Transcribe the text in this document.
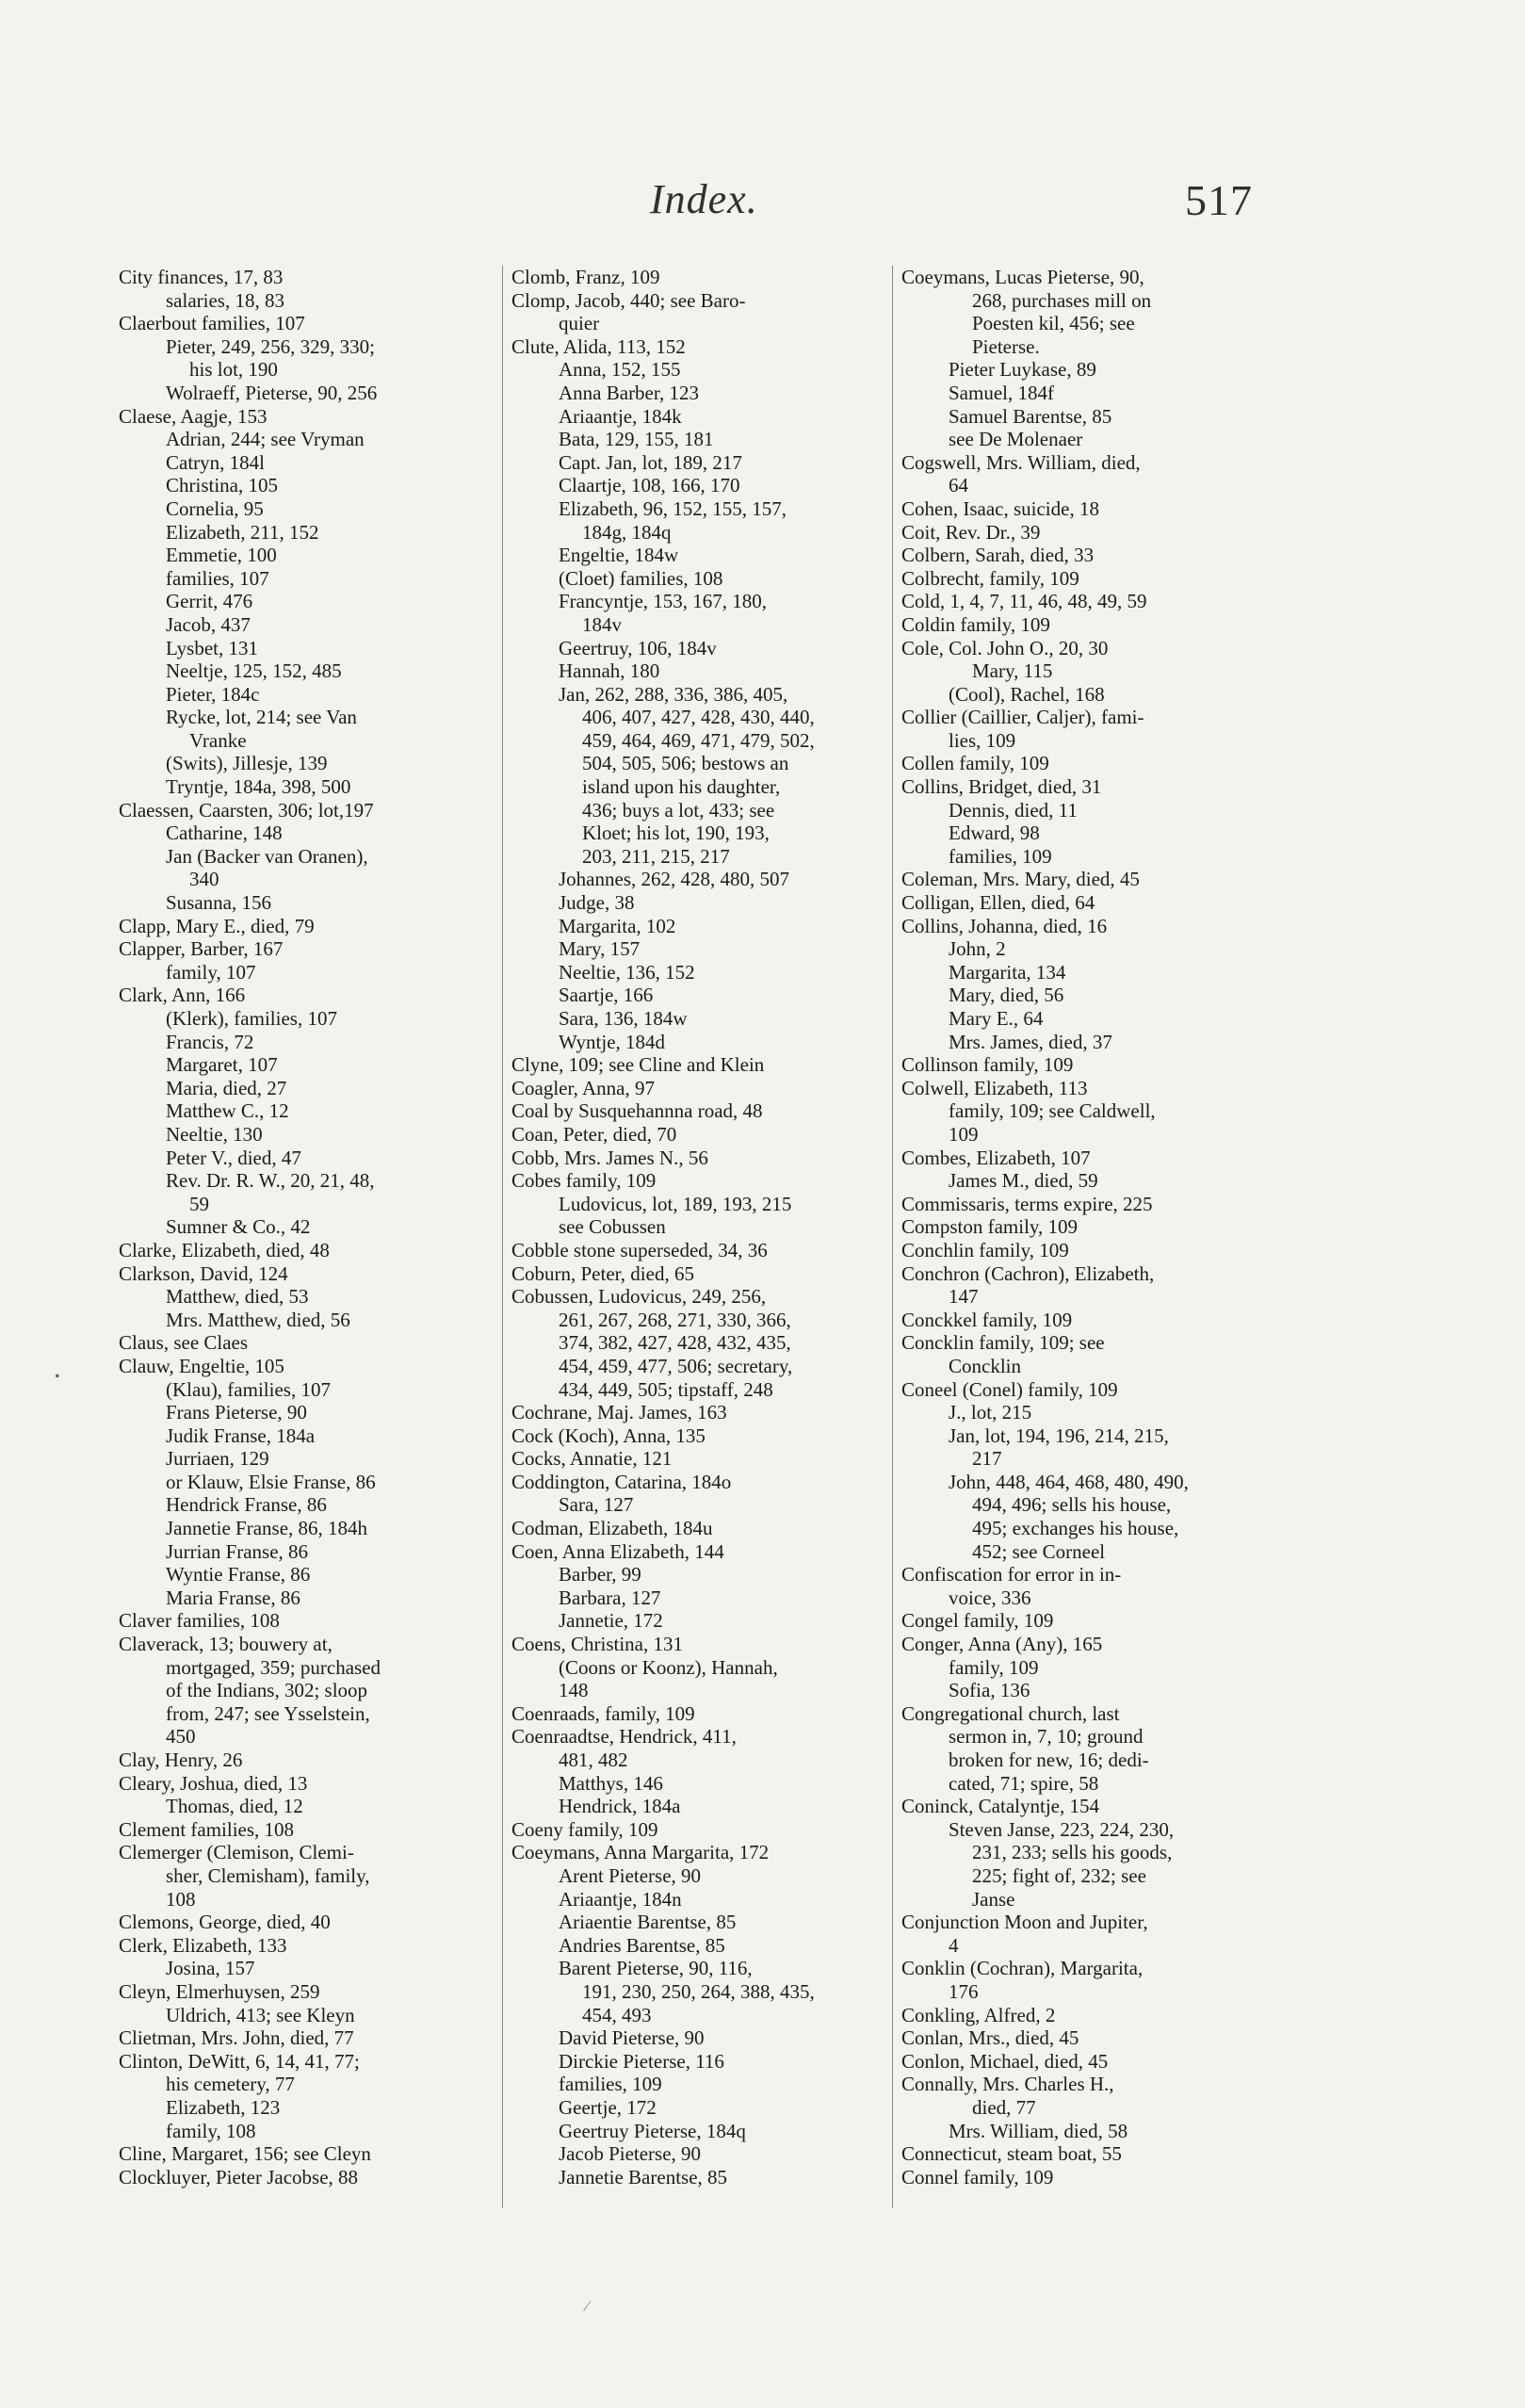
Index.	517
City finances, 17, 83
salaries, 18, 83
Claerbout families, 107
Pieter, 249, 256, 329, 330;
his lot, 190
Wolraeff, Pieterse, 90, 256
Claese, Aagje, 153
Adrian, 244; see Vryman
Catryn, 184l
Christina, 105
Cornelia, 95
Elizabeth, 211, 152
Emmetie, 100
families, 107
Gerrit, 476
Jacob, 437
Lysbet, 131
Neeltje, 125, 152, 485
Pieter, 184c
Rycke, lot, 214; see Van
Vranke
(Swits), Jillesje, 139
Tryntje, 184a, 398, 500
Claessen, Caarsten, 306; lot,197
Catharine, 148
Jan (Backer van Oranen),
340
Susanna, 156
Clapp, Mary E., died, 79
Clapper, Barber, 167
family, 107
Clark, Ann, 166
(Klerk), families, 107
Francis, 72
Margaret, 107
Maria, died, 27
Matthew C., 12
Neeltie, 130
Peter V., died, 47
Rev. Dr. R. W., 20, 21, 48,
59
Sumner & Co., 42
Clarke, Elizabeth, died, 48
Clarkson, David, 124
Matthew, died, 53
Mrs. Matthew, died, 56
Claus, see Claes
Clauw, Engeltie, 105
(Klau), families, 107
Frans Pieterse, 90
Judik Franse, 184a
Jurriaen, 129
or Klauw, Elsie Franse, 86
Hendrick Franse, 86
Jannetie Franse, 86, 184h
Jurrian Franse, 86
Wyntie Franse, 86
Maria Franse, 86
Claver families, 108
Claverack, 13; bouwery at,
mortgaged, 359; purchased
of the Indians, 302; sloop
from, 247; see Ysselstein,
450
Clay, Henry, 26
Cleary, Joshua, died, 13
Thomas, died, 12
Clement families, 108
Clemerger (Clemison, Clemi-
sher, Clemisham), family,
108
Clemons, George, died, 40
Clerk, Elizabeth, 133
Josina, 157
Cleyn, Elmerhuysen, 259
Uldrich, 413; see Kleyn
Clietman, Mrs. John, died, 77
Clinton, DeWitt, 6, 14, 41, 77;
his cemetery, 77
Elizabeth, 123
family, 108
Cline, Margaret, 156; see Cleyn
Clockluyer, Pieter Jacobse, 88
Clomb, Franz, 109
Clomp, Jacob, 440; see Baro-
quier
Clute, Alida, 113, 152
Anna, 152, 155
Anna Barber, 123
Ariaantje, 184k
Bata, 129, 155, 181
Capt. Jan, lot, 189, 217
Claartje, 108, 166, 170
Elizabeth, 96, 152, 155, 157,
184g, 184q
Engeltie, 184w
(Cloet) families, 108
Francyntje, 153, 167, 180,
184v
Geertruy, 106, 184v
Hannah, 180
Jan, 262, 288, 336, 386, 405,
406, 407, 427, 428, 430, 440,
459, 464, 469, 471, 479, 502,
504, 505, 506; bestows an
island upon his daughter,
436; buys a lot, 433; see
Kloet; his lot, 190, 193,
203, 211, 215, 217
Johannes, 262, 428, 480, 507
Judge, 38
Margarita, 102
Mary, 157
Neeltie, 136, 152
Saartje, 166
Sara, 136, 184w
Wyntje, 184d
Clyne, 109; see Cline and Klein
Coagler, Anna, 97
Coal by Susquehannna road, 48
Coan, Peter, died, 70
Cobb, Mrs. James N., 56
Cobes family, 109
Ludovicus, lot, 189, 193, 215
see Cobussen
Cobble stone superseded, 34, 36
Coburn, Peter, died, 65
Cobussen, Ludovicus, 249, 256,
261, 267, 268, 271, 330, 366,
374, 382, 427, 428, 432, 435,
454, 459, 477, 506; secretary,
434, 449, 505; tipstaff, 248
Cochrane, Maj. James, 163
Cock (Koch), Anna, 135
Cocks, Annatie, 121
Coddington, Catarina, 184o
Sara, 127
Codman, Elizabeth, 184u
Coen, Anna Elizabeth, 144
Barber, 99
Barbara, 127
Jannetie, 172
Coens, Christina, 131
(Coons or Koonz), Hannah,
148
Coenraads, family, 109
Coenraadtse, Hendrick, 411,
481, 482
Matthys, 146
Hendrick, 184a
Coeny family, 109
Coeymans, Anna Margarita, 172
Arent Pieterse, 90
Ariaantje, 184n
Ariaentie Barentse, 85
Andries Barentse, 85
Barent Pieterse, 90, 116,
191, 230, 250, 264, 388, 435,
454, 493
David Pieterse, 90
Dirckie Pieterse, 116
families, 109
Geertje, 172
Geertruy Pieterse, 184q
Jacob Pieterse, 90
Jannetie Barentse, 85
Coeymans, Lucas Pieterse, 90,
268, purchases mill on
Poesten kil, 456; see
Pieterse.
Pieter Luykase, 89
Samuel, 184f
Samuel Barentse, 85
see De Molenaer
Cogswell, Mrs. William, died,
64
Cohen, Isaac, suicide, 18
Coit, Rev. Dr., 39
Colbern, Sarah, died, 33
Colbrecht, family, 109
Cold, 1, 4, 7, 11, 46, 48, 49, 59
Coldin family, 109
Cole, Col. John O., 20, 30
Mary, 115
(Cool), Rachel, 168
Collier (Caillier, Caljer), fami-
lies, 109
Collen family, 109
Collins, Bridget, died, 31
Dennis, died, 11
Edward, 98
families, 109
Coleman, Mrs. Mary, died, 45
Colligan, Ellen, died, 64
Collins, Johanna, died, 16
John, 2
Margarita, 134
Mary, died, 56
Mary E., 64
Mrs. James, died, 37
Collinson family, 109
Colwell, Elizabeth, 113
family, 109; see Caldwell,
109
Combes, Elizabeth, 107
James M., died, 59
Commissaris, terms expire, 225
Compston family, 109
Conchlin family, 109
Conchron (Cachron), Elizabeth,
147
Conckkel family, 109
Concklin family, 109; see
Concklin
Coneel (Conel) family, 109
J., lot, 215
Jan, lot, 194, 196, 214, 215,
217
John, 448, 464, 468, 480, 490,
494, 496; sells his house,
495; exchanges his house,
452; see Corneel
Confiscation for error in in-
voice, 336
Congel family, 109
Conger, Anna (Any), 165
family, 109
Sofia, 136
Congregational church, last
sermon in, 7, 10; ground
broken for new, 16; dedi-
cated, 71; spire, 58
Coninck, Catalyntje, 154
Steven Janse, 223, 224, 230,
231, 233; sells his goods,
225; fight of, 232; see
Janse
Conjunction Moon and Jupiter,
4
Conklin (Cochran), Margarita,
176
Conkling, Alfred, 2
Conlan, Mrs., died, 45
Conlon, Michael, died, 45
Connally, Mrs. Charles H.,
died, 77
Mrs. William, died, 58
Connecticut, steam boat, 55
Connel family, 109
•
⁄
